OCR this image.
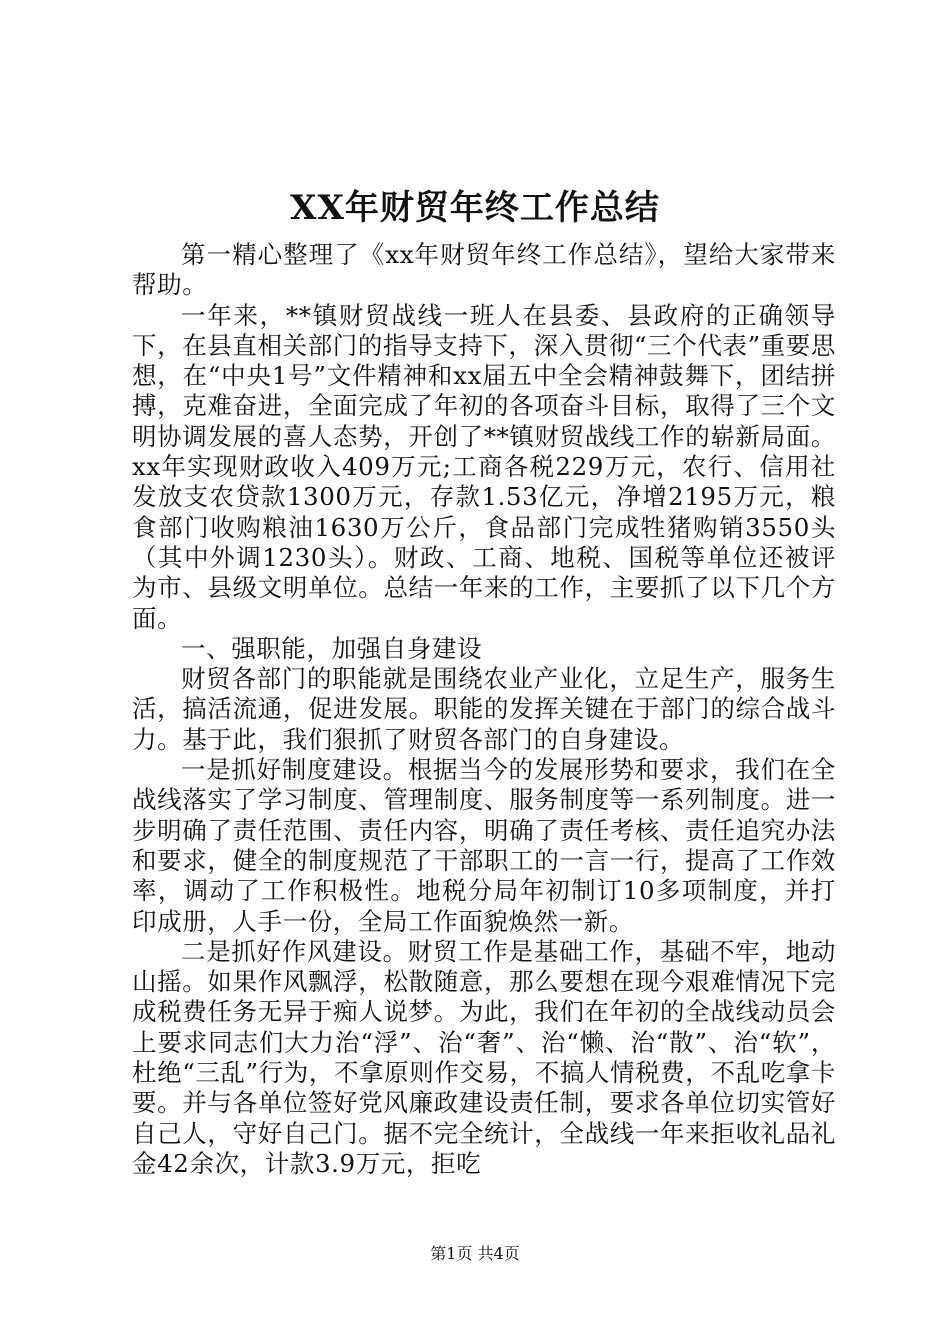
XX年财贸年终工作总结

第一精心整理了《xx年财贸年终工作总结》，望给大家带来帮助。

一年来，**镇财贸战线一班人在县委、县政府的正确领导下，在县直相关部门的指导支持下，深入贯彻“三个代表”重要思想，在“中央1号”文件精神和xx届五中全会精神鼓舞下，团结拼搏，克难奋进，全面完成了年初的各项奋斗目标，取得了三个文明协调发展的喜人态势，开创了**镇财贸战线工作的崭新局面。xx年实现财政收入409万元;工商各税229万元，农行、信用社发放支农贷款1300万元，存款1.53亿元，净增2195万元，粮食部门收购粮油1630万公斤，食品部门完成牲猪购销3550头（其中外调1230头）。财政、工商、地税、国税等单位还被评为市、县级文明单位。总结一年来的工作，主要抓了以下几个方面。

一、强职能，加强自身建设

财贸各部门的职能就是围绕农业产业化，立足生产，服务生活，搞活流通，促进发展。职能的发挥关键在于部门的综合战斗力。基于此，我们狠抓了财贸各部门的自身建设。

一是抓好制度建设。根据当今的发展形势和要求，我们在全战线落实了学习制度、管理制度、服务制度等一系列制度。进一步明确了责任范围、责任内容，明确了责任考核、责任追究办法和要求，健全的制度规范了干部职工的一言一行，提高了工作效率，调动了工作积极性。地税分局年初制订10多项制度，并打印成册，人手一份，全局工作面貌焕然一新。

二是抓好作风建设。财贸工作是基础工作，基础不牢，地动山摇。如果作风飘浮，松散随意，那么要想在现今艰难情况下完成税费任务无异于痴人说梦。为此，我们在年初的全战线动员会上要求同志们大力治“浮”、治“奢”、治“懒、治“散”、治“软”，杜绝“三乱”行为，不拿原则作交易，不搞人情税费，不乱吃拿卡要。并与各单位签好党风廉政建设责任制，要求各单位切实管好自己人，守好自己门。据不完全统计，全战线一年来拒收礼品礼金42余次，计款3.9万元，拒吃

第1页 共4页
